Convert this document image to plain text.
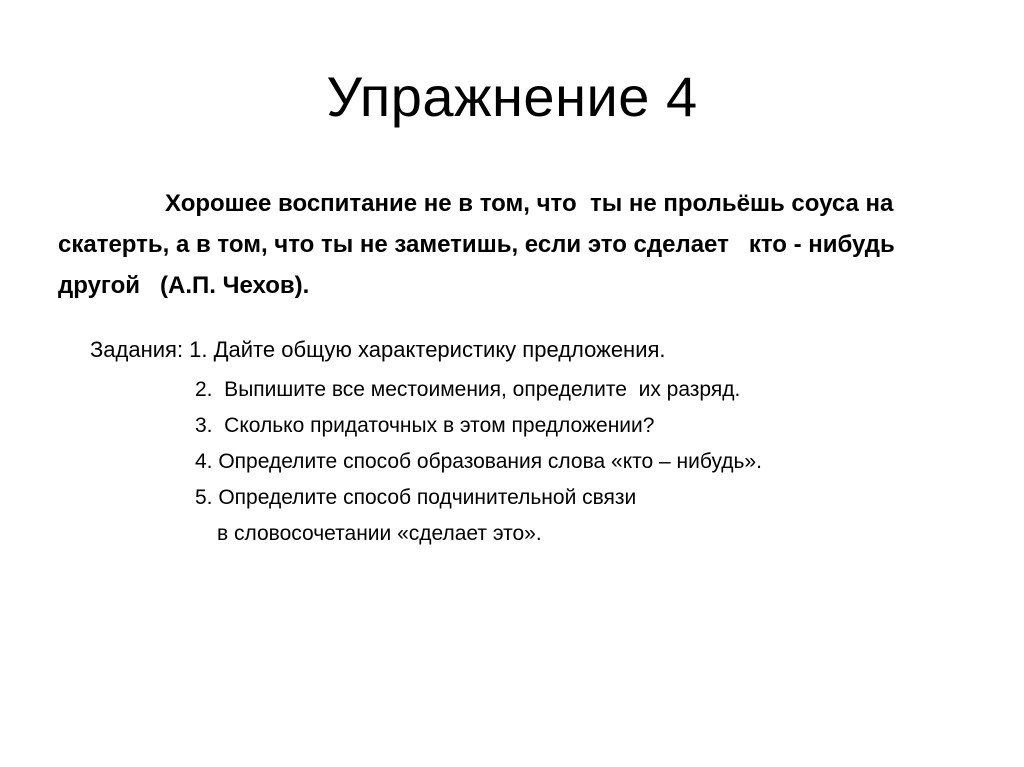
Упражнение 4
Хорошее воспитание не в том, что  ты не прольёшь соуса на
скатерть, а в том, что ты не заметишь, если это сделает   кто - нибудь
другой   (А.П. Чехов).
Задания: 1. Дайте общую характеристику предложения.
2.  Выпишите все местоимения, определите  их разряд.
3.  Сколько придаточных в этом предложении?
4. Определите способ образования слова «кто – нибудь».
5. Определите способ подчинительной связи
в словосочетании «сделает это».
